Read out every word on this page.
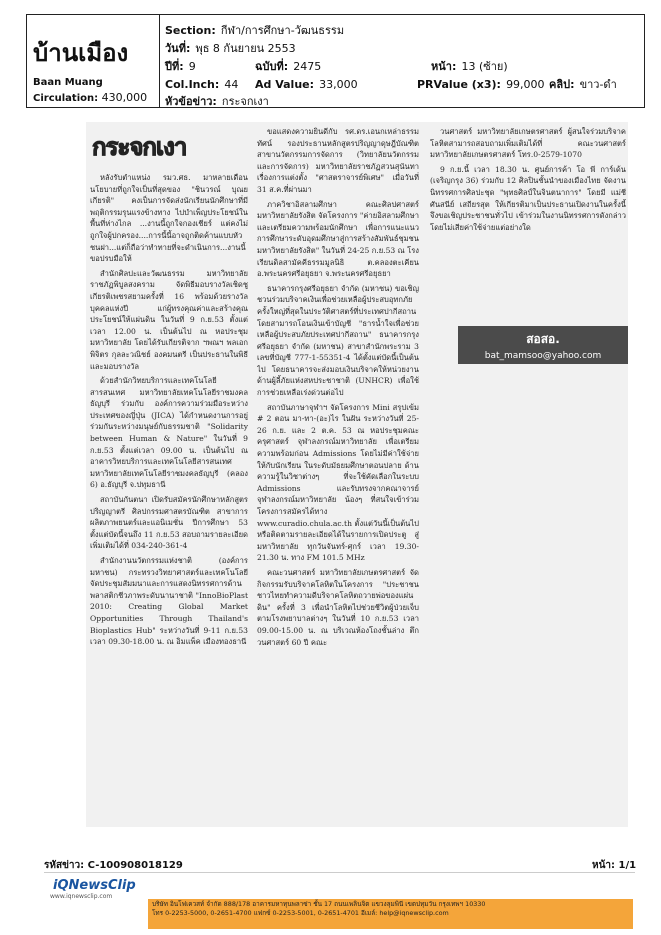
บ้านเมือง
Baan Muang
Circulation: 430,000
Section: กีฬา/การศึกษา-วัฒนธรรม
วันที่: พุธ 8 กันยายน 2553
ปีที่: 9	ฉบับที่: 2475	หน้า: 13 (ซ้าย)
Col.Inch: 44 Ad Value: 33,000	PRValue (x3): 99,000 คลิป: ขาว-ดำ
หัวข้อข่าว: กระจกเงา
กระจกเงา

หลังรับตำแหน่ง รมว.ศธ. มาหลายเดือนนโยบายที่ถูกใจเป็นที่สุดของ "ชินวรณ์ บุณยเกียรติ" คงเป็นการจัดส่งนักเรียนนักศึกษาที่มีพฤติกรรมรุนแรงข้างทาง ไปบำเพ็ญประโยชน์ในพื้นที่ห่างไกล ...งานนี้ถูกใจกองเชียร์ แต่คงไม่ถูกใจผู้ปกครอง....การนี้นี้อาจถูกติดค้านแบบหัวชนฝา...แต่ก็ถือว่าทำทายที่จะดำเนินการ...งานนี้ขอปรบมือให้

สำนักศิลปะและวัฒนธรรม มหาวิทยาลัยราชภัฏพิบูลสงคราม จัดพิธีมอบรางวัลเชิดชูเกียรติเพชรสยามครั้งที่ 16 พร้อมด้วยรางวัลบุคคลแห่งปี แก่ผู้ทรงคุณค่าและสร้างคุณประโยชน์ให้แผ่นดิน ในวันที่ 9 ก.ย.53 ตั้งแต่เวลา 12.00 น. เป็นต้นไป ณ หอประชุมมหาวิทยาลัย โดยได้รับเกียรติจาก ฯพณฯ พลเอกพิจิตร กุลละวณิชย์ องคมนตรี เป็นประธานในพิธีและมอบรางวัล

ด้วยสำนักวิทยบริการและเทคโนโลยีสารสนเทศ มหาวิทยาลัยเทคโนโลยีราชมงคลธัญบุรี ร่วมกับ องค์การความร่วมมือระหว่างประเทศของญี่ปุ่น (JICA) ได้กำหนดงานการอยู่ร่วมกันระหว่างมนุษย์กับธรรมชาติ "Solidarity between Human & Nature" ในวันที่ 9 ก.ย.53 ตั้งแต่เวลา 09.00 น. เป็นต้นไป ณ อาคารวิทยบริการและเทคโนโลยีสารสนเทศ มหาวิทยาลัยเทคโนโลยีราชมงคลธัญบุรี (คลอง 6) อ.ธัญบุรี จ.ปทุมธานี

สถาบันกันตนา เปิดรับสมัครนักศึกษาหลักสูตรปริญญาตรี ศิลปกรรมศาสตรบัณฑิต สาขาการผลิตภาพยนตร์และแอนิเมชั่น ปีการศึกษา 53 ตั้งแต่บัดนี้จนถึง 11 ก.ย.53 สอบถามรายละเอียดเพิ่มเติมได้ที่ 034-240-361-4

สำนักงานนวัตกรรมแห่งชาติ (องค์การมหาชน) กระทรวงวิทยาศาสตร์และเทคโนโลยี จัดประชุมสัมมนาและการแสดงนิทรรศการด้านพลาสติกชีวภาพระดับนานาชาติ "InnoBioPlast 2010: Creating Global Market Opportunities Through Thailand's Bioplastics Hub" ระหว่างวันที่ 9-11 ก.ย.53 เวลา 09.30-18.00 น. ณ อิมแพ็ค เมืองทองธานี

ขอแสดงความยินดีกับ รศ.ดร.เอนกเหล่าธรรมทัศน์ รองประธานหลักสูตรปริญญาดุษฎีบัณฑิต สาขานวัตกรรมการจัดการ (วิทยาลัยนวัตกรรมและการจัดการ) มหาวิทยาลัยราชภัฏสวนสุนันทา เรื่องการแต่งตั้ง "ศาสตราจารย์พิเศษ" เมื่อวันที่ 31 ส.ค.ที่ผ่านมา

ภาควิชาอิสลามศึกษา คณะศิลปศาสตร์ มหาวิทยาลัยรังสิต จัดโครงการ "ค่ายอิสลามศึกษาและเตรียมความพร้อมนักศึกษา เพื่อการแนะแนวการศึกษาระดับอุดมศึกษาสู่การสร้างสัมพันธ์ชุมชนมหาวิทยาลัยรังสิต" ในวันที่ 24-25 ก.ย.53 ณ โรงเรียนดิลสามัคคีธรรมมูลนิธิ ต.คลองตะเคียน อ.พระนครศรีอยุธยา จ.พระนครศรีอยุธยา

ธนาคารกรุงศรีอยุธยา จำกัด (มหาชน) ขอเชิญชวนร่วมบริจาคเงินเพื่อช่วยเหลือผู้ประสบอุทกภัยครั้งใหญ่ที่สุดในประวัติศาสตร์ที่ประเทศปากีสถาน โดยสามารถโอนเงินเข้าบัญชี "ธารน้ำใจเพื่อช่วยเหลือผู้ประสบภัยประเทศปากีสถาน" ธนาคารกรุงศรีอยุธยา จำกัด (มหาชน) สาขาสำนักพระราม 3 เลขที่บัญชี 777-1-55351-4 ได้ตั้งแต่บัดนี้เป็นต้นไป โดยธนาคารจะส่งมอบเงินบริจาคให้หน่วยงานด้านผู้ลี้ภัยแห่งสหประชาชาติ (UNHCR) เพื่อใช้การช่วยเหลือเร่งด่วนต่อไป

สถาบันภาษาจุฬาฯ จัดโครงการ Mini สรุปเข้ม # 2 ตอน มา-ทา-(อะ)ไร ในฝัน ระหว่างวันที่ 25-26 ก.ย. และ 2 ต.ค. 53 ณ หอประชุมคณะครุศาสตร์ จุฬาลงกรณ์มหาวิทยาลัย เพื่อเตรียมความพร้อมก่อน Admissions โดยไม่มีค่าใช้จ่าย ให้กับนักเรียน ในระดับมัธยมศึกษาตอนปลาย ด้านความรู้ในวิชาต่างๆ ที่จะใช้คัดเลือกในระบบ Admissions และรับทรงจากคณาจารย์จุฬาลงกรณ์มหาวิทยาลัย น้องๆ ที่สนใจเข้าร่วมโครงการสมัครได้ทาง www.curadio.chula.ac.th ตั้งแต่วันนี้เป็นต้นไป หรือติดตามรายละเอียดได้ในรายการเปิดประตู สู่มหาวิทยาลัย ทุกวันจันทร์-ศุกร์ เวลา 19.30-21.30 น. ทาง FM 101.5 MHz

คณะวนศาสตร์ มหาวิทยาลัยเกษตรศาสตร์ จัดกิจกรรมรับบริจาคโลหิตในโครงการ "ประชาชนชาวไทยทำความดีบริจาคโลหิตถวายพ่อของแผ่นดิน" ครั้งที่ 3 เพื่อนำโลหิตไปช่วยชีวิตผู้ป่วยเจ็บตามโรงพยาบาลต่างๆ ในวันที่ 10 ก.ย.53 เวลา 09.00-15.00 น. ณ บริเวณห้องโถงชั้นล่าง ตึกวนศาสตร์ 60 ปี คณะ

วนศาสตร์ มหาวิทยาลัยเกษตรศาสตร์ ผู้สนใจร่วมบริจาคโลหิตสามารถสอบถามเพิ่มเติมได้ที่ คณะวนศาสตร์ มหาวิทยาลัยเกษตรศาสตร์ โทร.0-2579-1070

9 ก.ย.นี้ เวลา 18.30 น. ศูนย์การค้า โอ พี การ์เด้น (เจริญกรุง 36) ร่วมกับ 12 ศิลปินชั้นนำของเมืองไทย จัดงานนิทรรศการศิลปะชุด "พุทธศิลป์ในจินตนาการ" โดยมี แม่ชีศันสนีย์ เสถียรสุต ให้เกียรติมาเป็นประธานเปิดงานในครั้งนี้ จึงขอเชิญประชาชนทั่วไป เข้าร่วมในงานนิทรรศการดังกล่าว โดยไม่เสียค่าใช้จ่ายแต่อย่างใด

สอสอ.
bat_mamsoo@yahoo.com
รหัสข่าว: C-100908018129	หน้า: 1/1
iQNewsClip
www.iqnewsclip.com
บริษัท อินโฟเควสท์ จำกัด 888/178 อาคารมหาทุนพลาซ่า ชั้น 17 ถนนเพลินจิต แขวงลุมพินี เขตปทุมวัน กรุงเทพฯ 10330
โทร 0-2253-5000, 0-2651-4700 แฟกซ์ 0-2253-5001, 0-2651-4701 อีเมล์: help@iqnewsclip.com
